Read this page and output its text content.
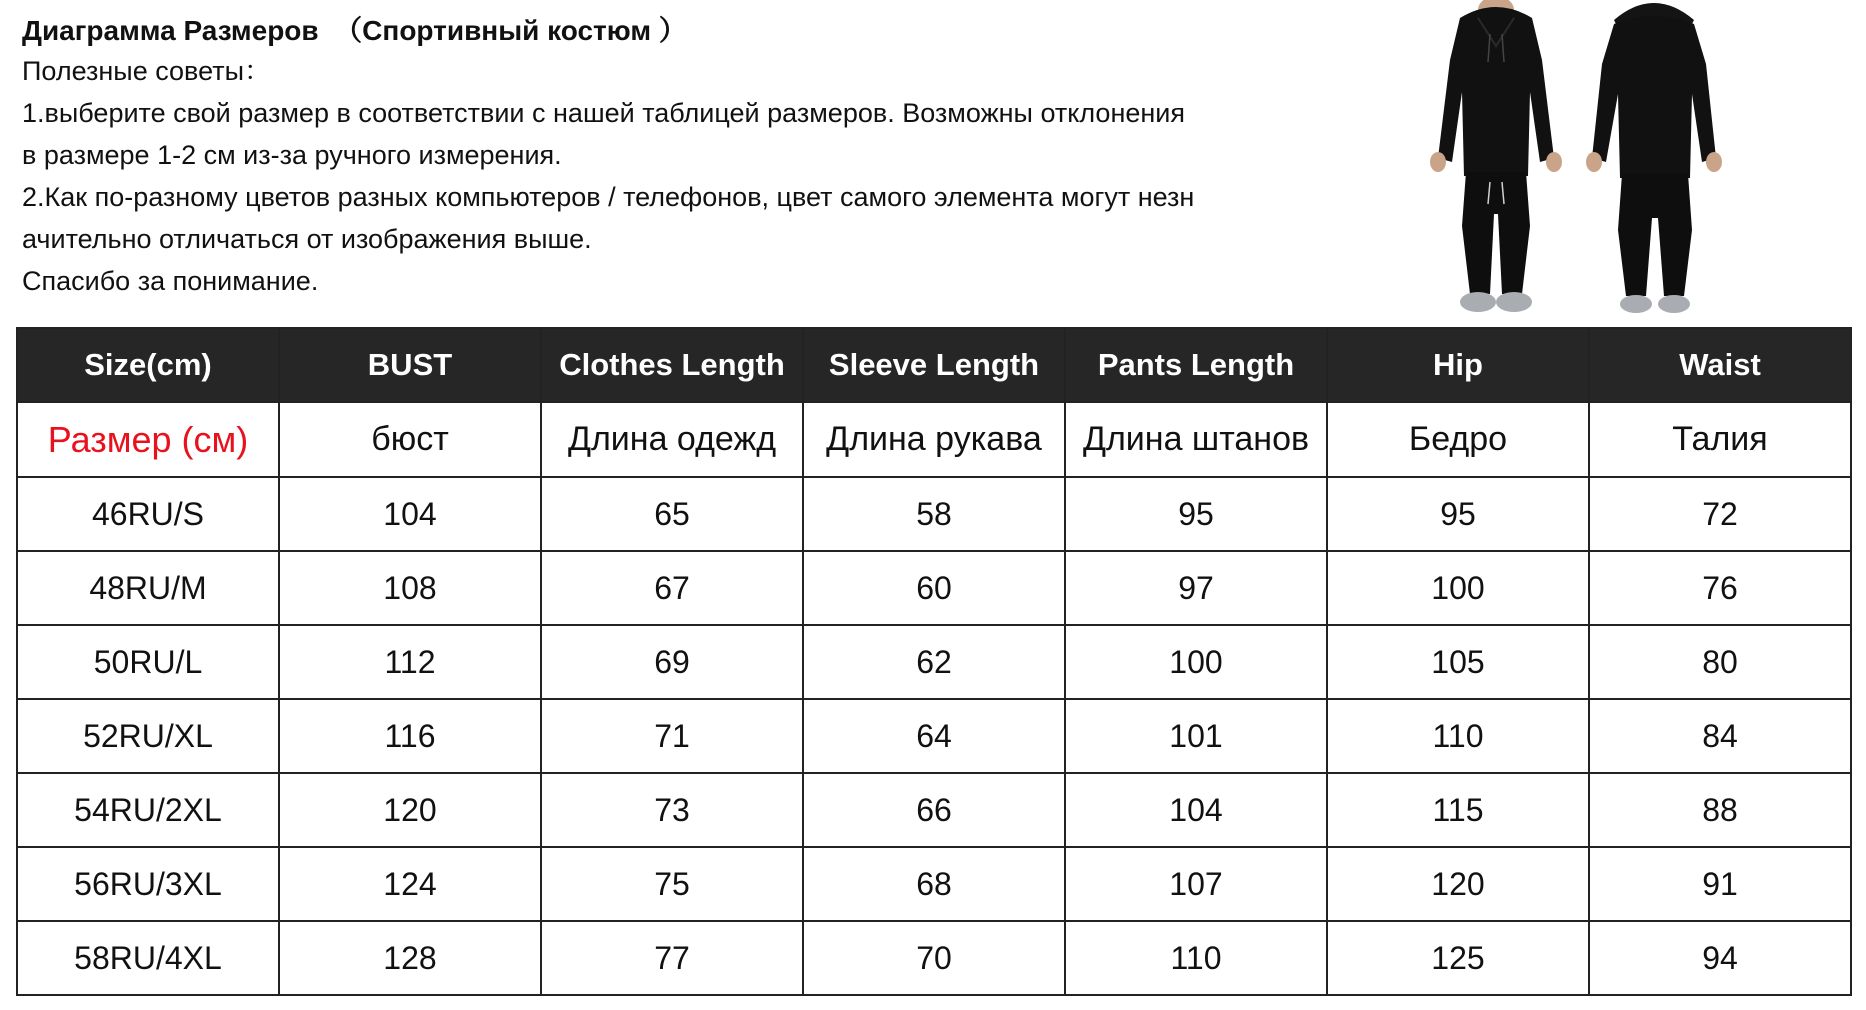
Диаграмма Размеров  （Спортивный костюм ）
Полезные советы：
1.выберите свой размер в соответствии с нашей таблицей размеров. Возможны отклонения
в размере 1-2 см из-за ручного измерения.
2.Как по-разному цветов разных компьютеров / телефонов, цвет самого элемента могут незн
ачительно отличаться от изображения выше.
Спасибо за понимание.
Size(cm)	BUST	Clothes Length	Sleeve Length	Pants Length	Hip	Waist
Размер (см)	бюст	Длина одежд	Длина рукава	Длина штанов	Бедро	Талия
46RU/S	104	65	58	95	95	72
48RU/M	108	67	60	97	100	76
50RU/L	112	69	62	100	105	80
52RU/XL	116	71	64	101	110	84
54RU/2XL	120	73	66	104	115	88
56RU/3XL	124	75	68	107	120	91
58RU/4XL	128	77	70	110	125	94
